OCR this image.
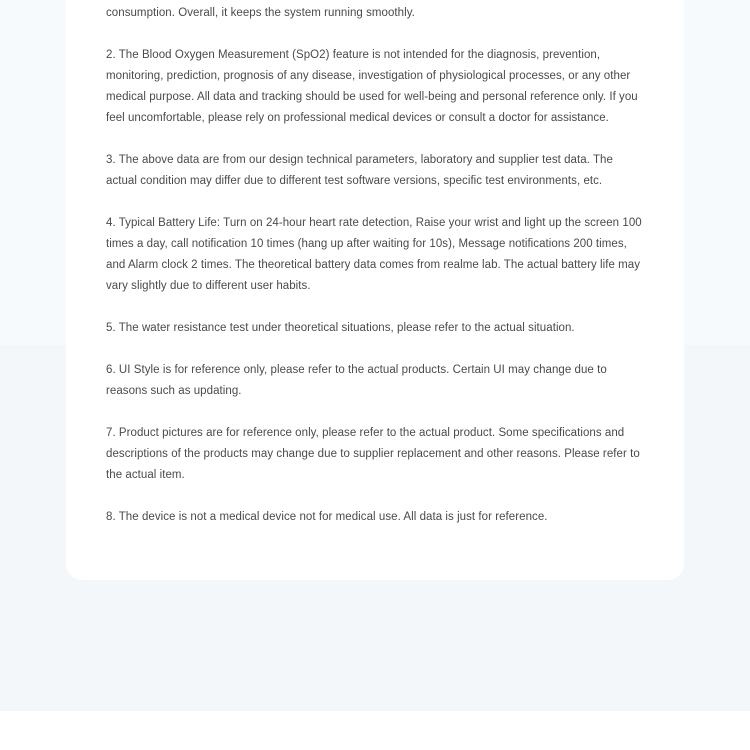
consumption. Overall, it keeps the system running smoothly.

2. The Blood Oxygen Measurement (SpO2) feature is not intended for the diagnosis, prevention, monitoring, prediction, prognosis of any disease, investigation of physiological processes, or any other medical purpose. All data and tracking should be used for well-being and personal reference only. If you feel uncomfortable, please rely on professional medical devices or consult a doctor for assistance.

3. The above data are from our design technical parameters, laboratory and supplier test data. The actual condition may differ due to different test software versions, specific test environments, etc.

4. Typical Battery Life: Turn on 24-hour heart rate detection, Raise your wrist and light up the screen 100 times a day, call notification 10 times (hang up after waiting for 10s), Message notifications 200 times, and Alarm clock 2 times. The theoretical battery data comes from realme lab. The actual battery life may vary slightly due to different user habits.

5. The water resistance test under theoretical situations, please refer to the actual situation.

6. UI Style is for reference only, please refer to the actual products. Certain UI may change due to reasons such as updating.

7. Product pictures are for reference only, please refer to the actual product. Some specifications and descriptions of the products may change due to supplier replacement and other reasons. Please refer to the actual item.

8. The device is not a medical device not for medical use. All data is just for reference.
